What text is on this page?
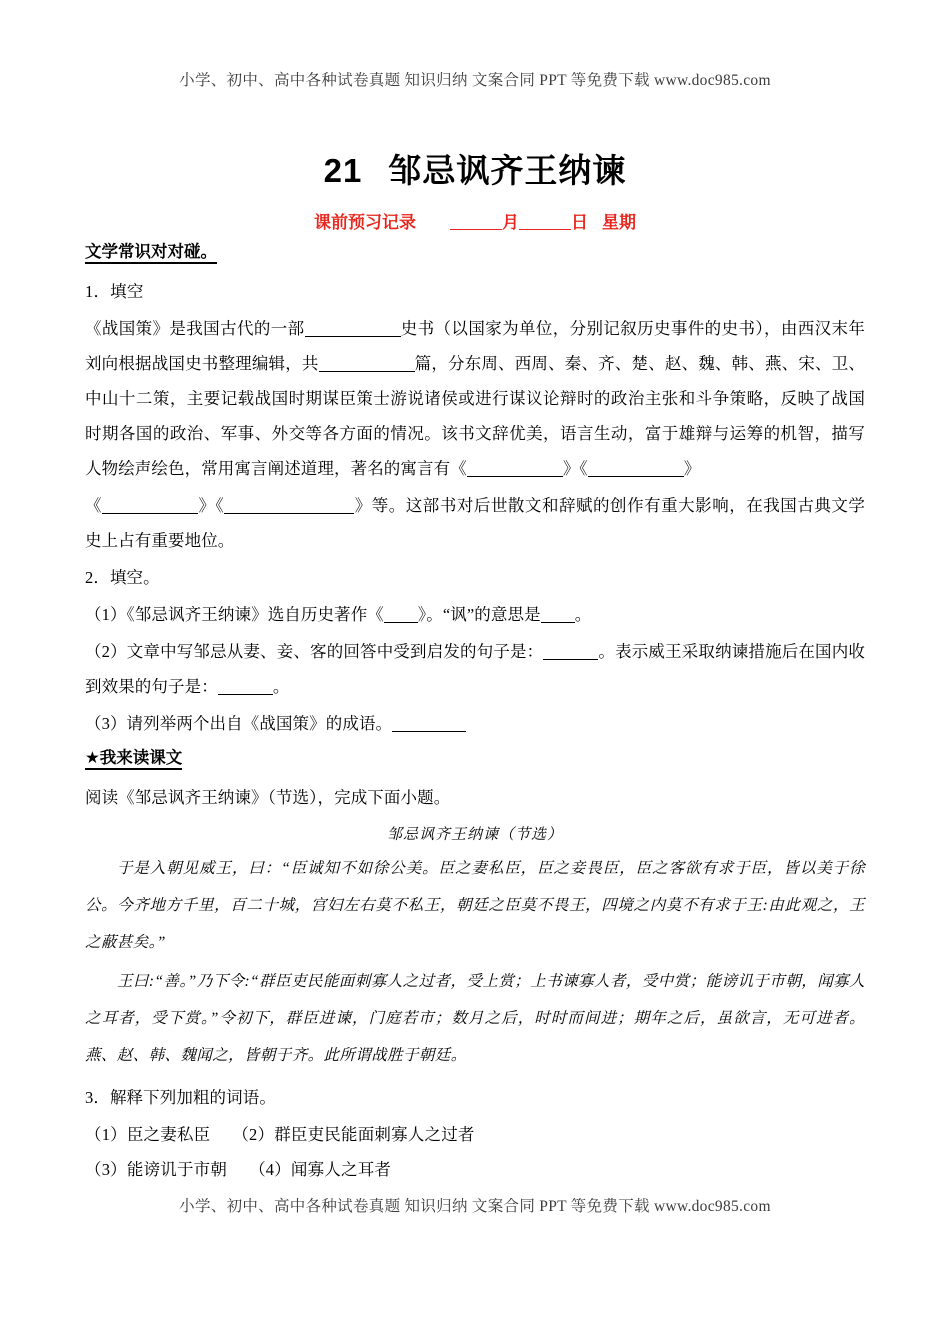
小学、初中、高中各种试卷真题 知识归纳 文案合同 PPT 等免费下载 www.doc985.com
21 邹忌讽齐王纳谏
课前预习记录	月	日 星期
文学常识对对碰。

1．填空

《战国策》是我国古代的一部	史书（以国家为单位，分别记叙历史事件的史书），由西汉末年刘向根据战国史书整理编辑，共	篇，分东周、西周、秦、齐、楚、赵、魏、韩、燕、宋、卫、中山十二策，主要记载战国时期谋臣策士游说诸侯或进行谋议论辩时的政治主张和斗争策略，反映了战国时期各国的政治、军事、外交等各方面的情况。该书文辞优美，语言生动，富于雄辩与运筹的机智，描写人物绘声绘色，常用寓言阐述道理，著名的寓言有《	》《	》

《	》《	》等。这部书对后世散文和辞赋的创作有重大影响，在我国古典文学史上占有重要地位。

2．填空。

（1）《邹忌讽齐王纳谏》选自历史著作《 》。“讽”的意思是 。

（2）文章中写邹忌从妻、妾、客的回答中受到启发的句子是：	。表示威王采取纳谏措施后在国内收到效果的句子是：	。

（3）请列举两个出自《战国策》的成语。

★我来读课文

阅读《邹忌讽齐王纳谏》（节选），完成下面小题。

邹忌讽齐王纳谏（节选）

于是入朝见威王，曰：“臣诚知不如徐公美。臣之妻私臣，臣之妾畏臣，臣之客欲有求于臣，皆以美于徐公。今齐地方千里，百二十城，宫妇左右莫不私王，朝廷之臣莫不畏王，四境之内莫不有求于王:由此观之，王之蔽甚矣。”

王曰:“善。”乃下令:“群臣吏民能面刺寡人之过者，受上赏；上书谏寡人者，受中赏；能谤讥于市朝，闻寡人之耳者，受下赏。”令初下，群臣进谏，门庭若市；数月之后，时时而间进；期年之后，虽欲言，无可进者。燕、赵、韩、魏闻之，皆朝于齐。此所谓战胜于朝廷。

3．解释下列加粗的词语。

（1）臣之妻私臣 （2）群臣吏民能面刺寡人之过者

（3）能谤讥于市朝 （4）闻寡人之耳者

小学、初中、高中各种试卷真题 知识归纳 文案合同 PPT 等免费下载 www.doc985.com
